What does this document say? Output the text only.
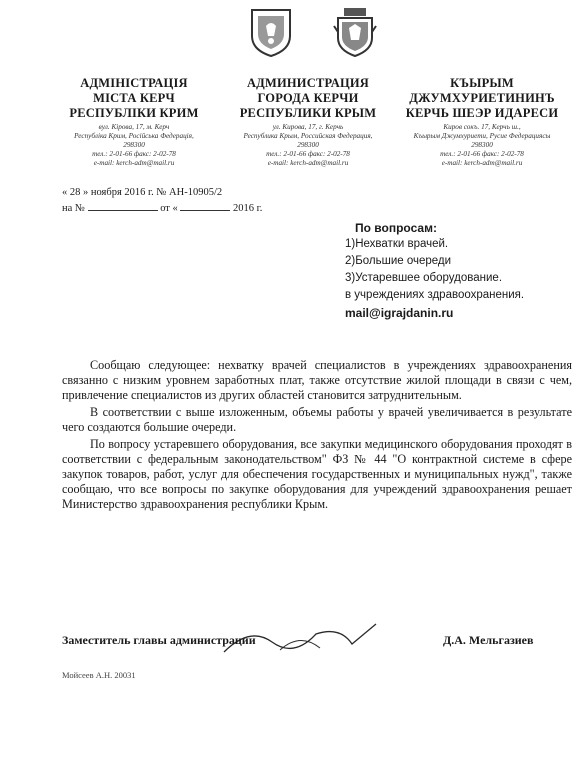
АДМІНІСТРАЦІЯ
МІСТА КЕРЧ
РЕСПУБЛІКИ КРИМ
вул. Кірова, 17, м. Керч
Республіка Крим, Російська Федерація,
298300
тел.: 2-01-66 факс: 2-02-78
e-mail: kerch-adm@mail.ru
АДМИНИСТРАЦИЯ
ГОРОДА КЕРЧИ
РЕСПУБЛИКИ КРЫМ
ул. Кирова, 17, г. Керчь
Республика Крым, Российская Федерация,
298300
тел.: 2-01-66 факс: 2-02-78
e-mail: kerch-adm@mail.ru
КЪЫРЫМ
ДЖУМХУРИЕТИНИНЪ
КЕРЧЬ ШЕЭР ИДАРЕСИ
Киров сокъ. 17, Керчь ш.,
Къырым Джумхуриети, Русие Федерациясы
298300
тел.: 2-01-66 факс: 2-02-78
e-mail: kerch-adm@mail.ru
« 28 » ноября 2016 г. № АН-10905/2
на №	от «	2016 г.
По вопросам:
1)Нехватки врачей.
2)Большие очереди
3)Устаревшее оборудование.
в учреждениях здравоохранения.
mail@igrajdanin.ru

Сообщаю следующее: нехватку врачей специалистов в учреждениях здравоохранения связанно с низким уровнем заработных плат, также отсутствие жилой площади в связи с чем, привлечение специалистов из других областей становится затруднительным.

В соответствии с выше изложенным, объемы работы у врачей увеличивается в результате чего создаются большие очереди.

По вопросу устаревшего оборудования, все закупки медицинского оборудования проходят в соответствии с федеральным законодательством" ФЗ № 44 "О контрактной системе в сфере закупок товаров, работ, услуг для обеспечения государственных и муниципальных нужд", также сообщаю, что все вопросы по закупке оборудования для учреждений здравоохранения решает Министерство здравоохранения республики Крым.

Заместитель главы администрации	Д.А. Мельгазиев
Мойсеев А.Н. 20031
